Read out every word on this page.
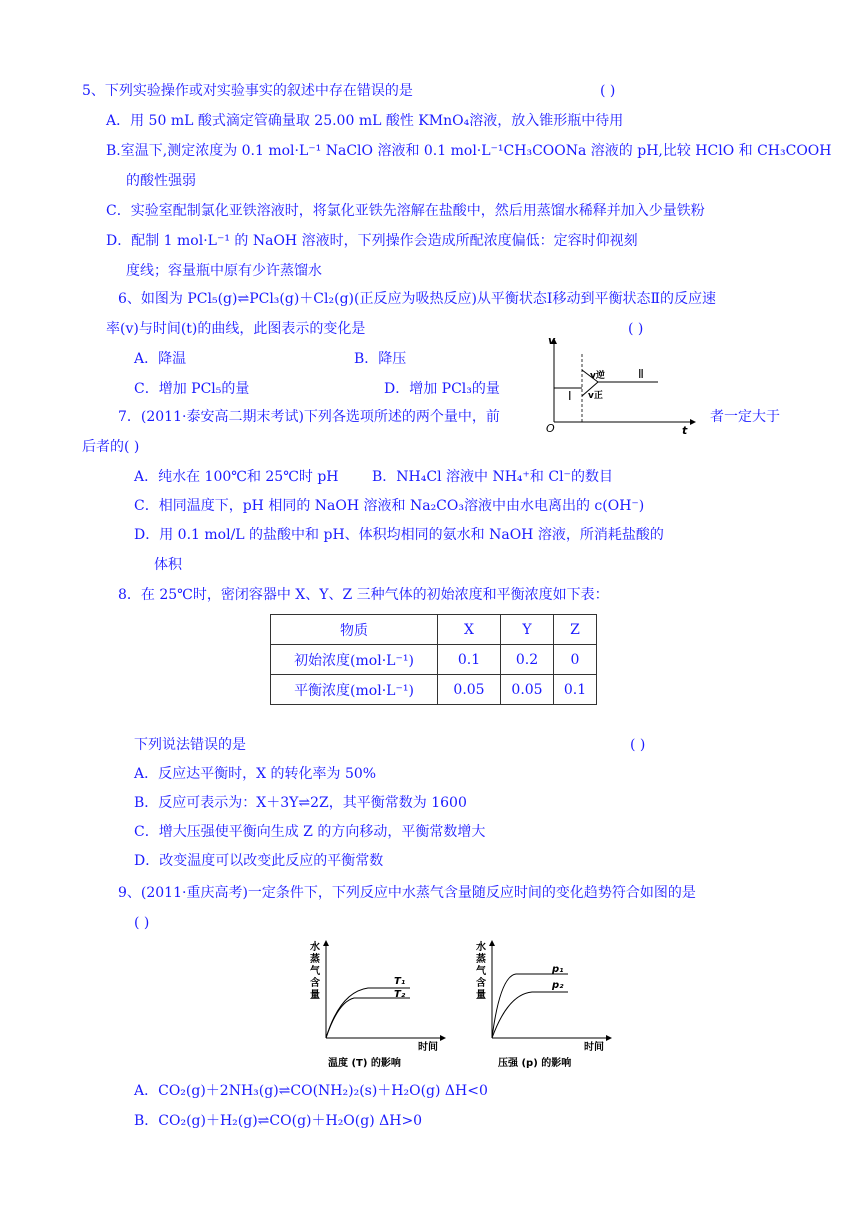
5、下列实验操作或对实验事实的叙述中存在错误的是	( )
A．用 50 mL 酸式滴定管确量取 25.00 mL 酸性 KMnO₄溶液，放入锥形瓶中待用
B.室温下,测定浓度为 0.1 mol·L⁻¹ NaClO 溶液和 0.1 mol·L⁻¹CH₃COONa 溶液的 pH,比较 HClO 和 CH₃COOH
的酸性强弱
C．实验室配制氯化亚铁溶液时，将氯化亚铁先溶解在盐酸中，然后用蒸馏水稀释并加入少量铁粉
D．配制 1 mol·L⁻¹ 的 NaOH 溶液时，下列操作会造成所配浓度偏低：定容时仰视刻
度线；容量瓶中原有少许蒸馏水
6、如图为 PCl₅(g)⇌PCl₃(g)＋Cl₂(g)(正反应为吸热反应)从平衡状态Ⅰ移动到平衡状态Ⅱ的反应速
率(v)与时间(t)的曲线，此图表示的变化是	( )
A．降温	B．降压
C．增加 PCl₅的量	D．增加 PCl₃的量
v
t
O
Ⅰ
Ⅱ
v逆
v正
7．(2011·泰安高二期末考试)下列各选项所述的两个量中，前	者一定大于
后者的( )
A．纯水在 100℃和 25℃时 pH B．NH₄Cl 溶液中 NH₄⁺和 Cl⁻的数目
C．相同温度下，pH 相同的 NaOH 溶液和 Na₂CO₃溶液中由水电离出的 c(OH⁻)
D．用 0.1 mol/L 的盐酸中和 pH、体积均相同的氨水和 NaOH 溶液，所消耗盐酸的
体积
8．在 25℃时，密闭容器中 X、Y、Z 三种气体的初始浓度和平衡浓度如下表：
物质	X	Y	Z
初始浓度(mol·L⁻¹)	0.1	0.2	0
平衡浓度(mol·L⁻¹)	0.05	0.05	0.1
下列说法错误的是	( )
A．反应达平衡时，X 的转化率为 50%
B．反应可表示为：X＋3Y⇌2Z，其平衡常数为 1600
C．增大压强使平衡向生成 Z 的方向移动，平衡常数增大
D．改变温度可以改变此反应的平衡常数
9、(2011·重庆高考)一定条件下，下列反应中水蒸气含量随反应时间的变化趋势符合如图的是
( )
水
蒸
气
含
量
T₁
T₂
时间
温度 (T) 的影响
水
蒸
气
含
量
p₁
p₂
时间
压强 (p) 的影响
A．CO₂(g)＋2NH₃(g)⇌CO(NH₂)₂(s)＋H₂O(g) ΔH<0
B．CO₂(g)＋H₂(g)⇌CO(g)＋H₂O(g) ΔH>0
